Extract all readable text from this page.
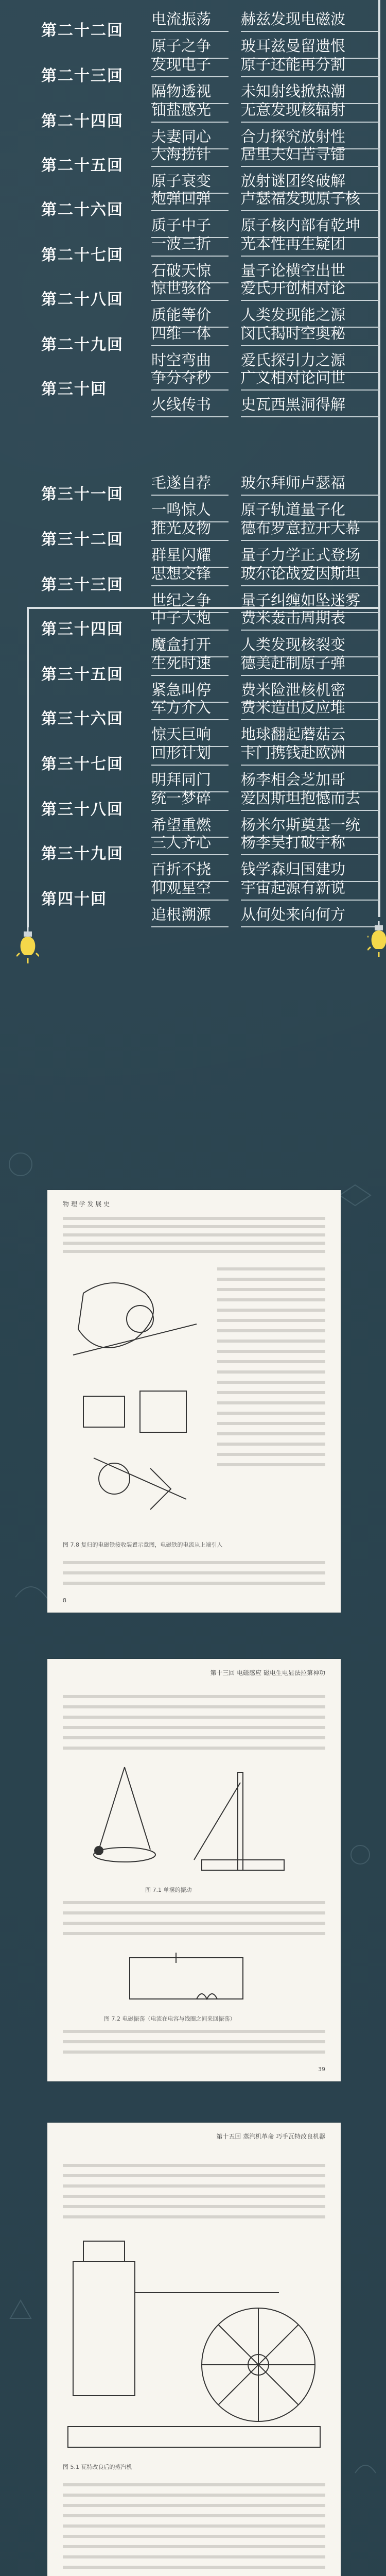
第二十二回
电流振荡
原子之争
赫兹发现电磁波
玻耳兹曼留遗恨
第二十三回
发现电子
隔物透视
原子还能再分割
未知射线掀热潮
第二十四回
铀盐感光
夫妻同心
无意发现核辐射
合力探究放射性
第二十五回
大海捞针
原子衰变
居里夫妇苦寻镭
放射谜团终破解
第二十六回
炮弹回弹
质子中子
卢瑟福发现原子核
原子核内部有乾坤
第二十七回
一波三折
石破天惊
光本性再生疑团
量子论横空出世
第二十八回
惊世骇俗
质能等价
爱氏开创相对论
人类发现能之源
第二十九回
四维一体
时空弯曲
闵氏揭时空奥秘
爱氏探引力之源
第三十回
争分夺秒
火线传书
广义相对论问世
史瓦西黑洞得解
第三十一回
毛遂自荐
一鸣惊人
玻尔拜师卢瑟福
原子轨道量子化
第三十二回
推光及物
群星闪耀
德布罗意拉开大幕
量子力学正式登场
第三十三回
思想交锋
世纪之争
玻尔论战爱因斯坦
量子纠缠如坠迷雾
第三十四回
中子大炮
魔盒打开
费米轰击周期表
人类发现核裂变
第三十五回
生死时速
紧急叫停
德美赶制原子弹
费米险泄核机密
第三十六回
军方介入
惊天巨响
费米造出反应堆
地球翻起蘑菇云
第三十七回
回形计划
明拜同门
卡门携钱赴欧洲
杨李相会芝加哥
第三十八回
统一梦碎
希望重燃
爱因斯坦抱憾而去
杨米尔斯奠基一统
第三十九回
三人齐心
百折不挠
杨李吴打破宇称
钱学森归国建功
第四十回
仰观星空
追根溯源
宇宙起源有新说
从何处来向何方
物 理 学 发 展 史
图 7.8 复归的电磁铁接收装置示意图，电磁铁的电流从上端引入
8
第十三回 电磁感应 磁电生电显法拉第神功
图 7.1 单摆的振动
图 7.2 电磁振荡（电流在电容与线圈之间来回振荡）
39
第十五回 蒸汽机革命 巧手瓦特改良机器
图 5.1 瓦特改良后的蒸汽机
